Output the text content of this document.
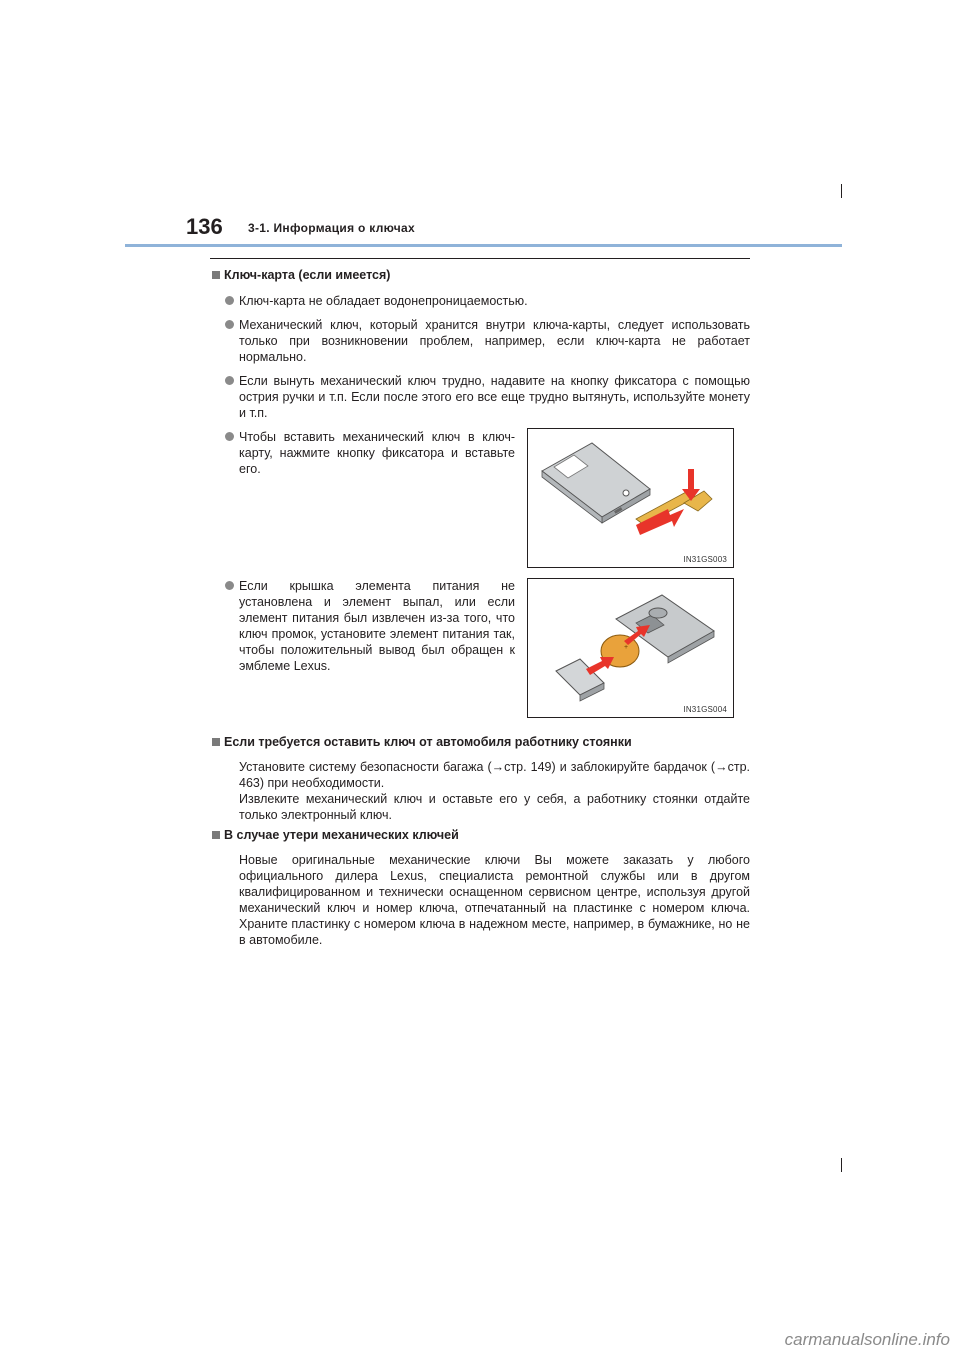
136 3-1. Информация о ключах
Ключ-карта (если имеется)
Ключ-карта не обладает водонепроницаемостью.
Механический ключ, который хранится внутри ключа-карты, следует использовать только при возникновении проблем, например, если ключ-карта не работает нормально.
Если вынуть механический ключ трудно, надавите на кнопку фиксатора с помощью острия ручки и т.п. Если после этого его все еще трудно вытянуть, используйте монету и т.п.
Чтобы вставить механический ключ в ключ-карту, нажмите кнопку фиксатора и вставьте его.
IN31GS003
Если крышка элемента питания не установлена и элемент выпал, или если элемент питания был извлечен из-за того, что ключ промок, установите элемент питания так, чтобы положительный вывод был обращен к эмблеме Lexus.
+
IN31GS004
Если требуется оставить ключ от автомобиля работнику стоянки
Установите систему безопасности багажа (→стр. 149) и заблокируйте бардачок (→стр. 463) при необходимости.
Извлеките механический ключ и оставьте его у себя, а работнику стоянки отдайте только электронный ключ.
В случае утери механических ключей
Новые оригинальные механические ключи Вы можете заказать у любого официального дилера Lexus, специалиста ремонтной службы или в другом квалифицированном и технически оснащенном сервисном центре, используя другой механический ключ и номер ключа, отпечатанный на пластинке с номером ключа. Храните пластинку с номером ключа в надежном месте, например, в бумажнике, но не в автомобиле.
carmanualsonline.info
